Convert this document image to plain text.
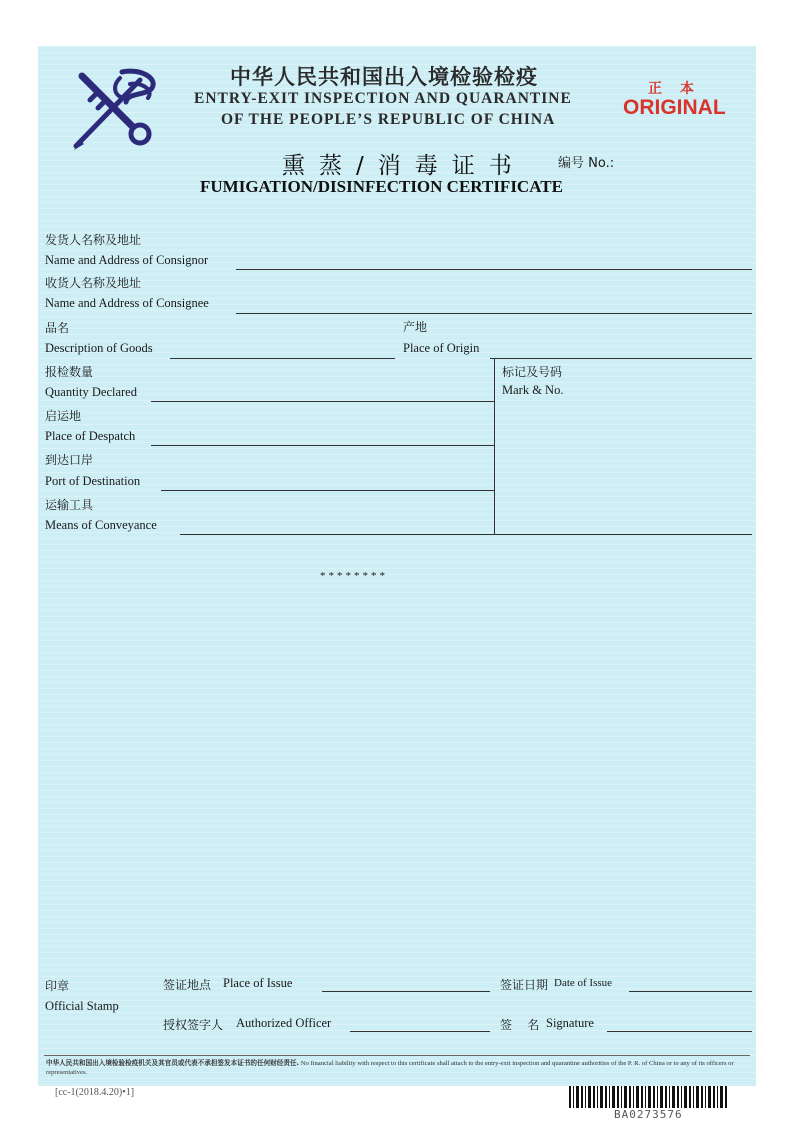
中华人民共和国出入境检验检疫
ENTRY-EXIT INSPECTION AND QUARANTINE
OF THE PEOPLE’S REPUBLIC OF CHINA
正本
ORIGINAL
熏蒸/消毒证书 编号 No.:
FUMIGATION/DISINFECTION CERTIFICATE
发货人名称及地址
Name and Address of Consignor
收货人名称及地址
Name and Address of Consignee
品名
Description of Goods
产地
Place of Origin
报检数量
Quantity Declared
标记及号码
Mark & No.
启运地
Place of Despatch
到达口岸
Port of Destination
运输工具
Means of Conveyance
********
印章
Official Stamp
签证地点 Place of Issue	签证日期 Date of Issue
授权签字人 Authorized Officer	签    名 Signature
中华人民共和国出入境检验检疫机关及其官员或代表不承担签发本证书的任何财经责任. No financial liability with respect to this certificate shall attach to the entry-exit inspection and quarantine authorities of the P. R. of China or to any of its officers or representatives.
[cc-1(2018.4.20)•1]
BA0273576
